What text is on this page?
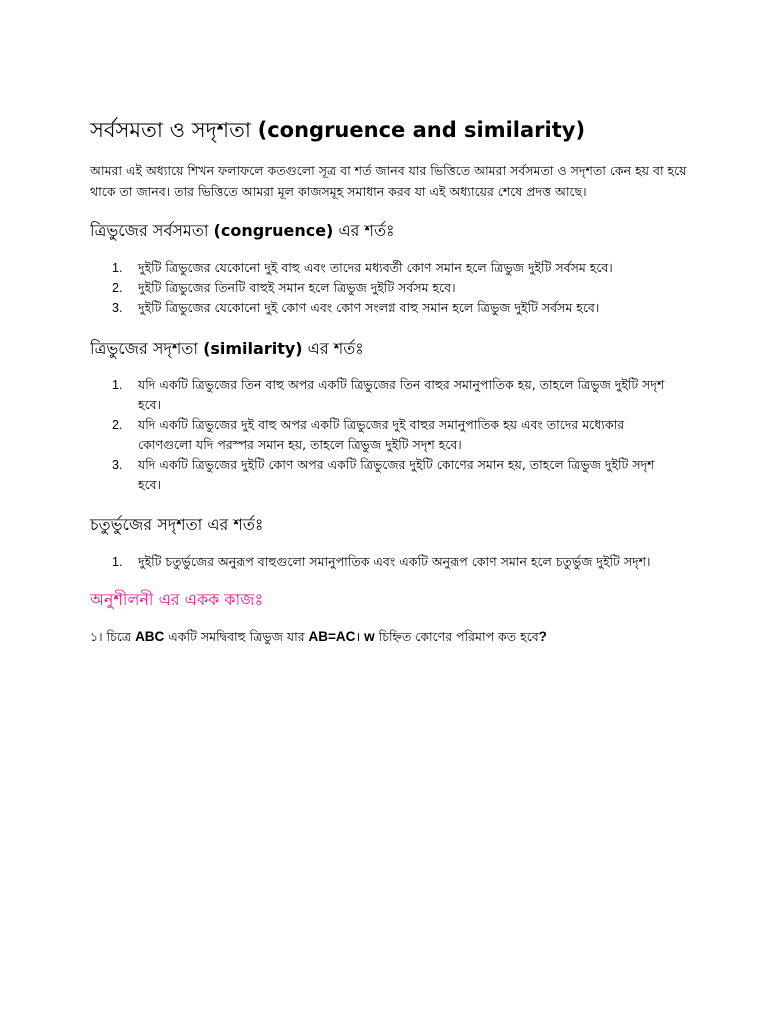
সর্বসমতা ও সদৃশতা (congruence and similarity)

আমরা এই অধ্যায়ে শিখন ফলাফলে কতগুলো সূত্র বা শর্ত জানব যার ভিত্তিতে আমরা সর্বসমতা ও সদৃশতা কেন হয় বা হয়ে থাকে তা জানব। তার ভিত্তিতে আমরা মূল কাজসমূহ সমাধান করব যা এই অধ্যায়ের শেষে প্রদত্ত আছে।

ত্রিভুজের সর্বসমতা (congruence) এর শর্তঃ
1. দুইটি ত্রিভুজের যেকোনো দুই বাহু এবং তাদের মধ্যবর্তী কোণ সমান হলে ত্রিভুজ দুইটি সর্বসম হবে।
2. দুইটি ত্রিভুজের তিনটি বাহুই সমান হলে ত্রিভুজ দুইটি সর্বসম হবে।
3. দুইটি ত্রিভুজের যেকোনো দুই কোণ এবং কোণ সংলগ্ন বাহু সমান হলে ত্রিভুজ দুইটি সর্বসম হবে।
ত্রিভুজের সদৃশতা (similarity) এর শর্তঃ
1. যদি একটি ত্রিভুজের তিন বাহু অপর একটি ত্রিভুজের তিন বাহুর সমানুপাতিক হয়, তাহলে ত্রিভুজ দুইটি সদৃশ হবে।
2. যদি একটি ত্রিভুজের দুই বাহু অপর একটি ত্রিভুজের দুই বাহুর সমানুপাতিক হয় এবং তাদের মধ্যেকার কোণগুলো যদি পরস্পর সমান হয়, তাহলে ত্রিভুজ দুইটি সদৃশ হবে।
3. যদি একটি ত্রিভুজের দুইটি কোণ অপর একটি ত্রিভুজের দুইটি কোণের সমান হয়, তাহলে ত্রিভুজ দুইটি সদৃশ হবে।
চতুর্ভুজের সদৃশতা এর শর্তঃ
1. দুইটি চতুর্ভুজের অনুরূপ বাহুগুলো সমানুপাতিক এবং একটি অনুরূপ কোণ সমান হলে চতুর্ভুজ দুইটি সদৃশ।
অনুশীলনী এর একক কাজঃ

১। চিত্রে ABC একটি সমদ্বিবাহু ত্রিভুজ যার AB=AC। w চিহ্নিত কোণের পরিমাপ কত হবে?
